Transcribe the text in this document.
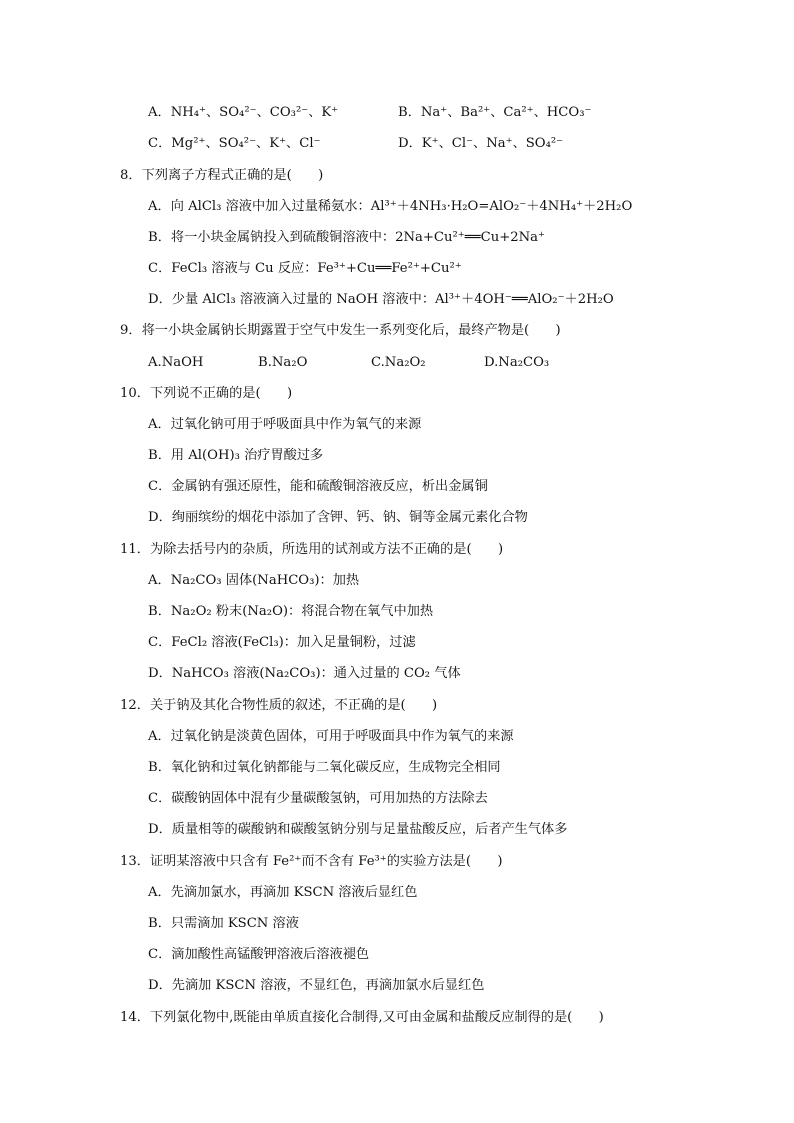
A．NH₄⁺、SO₄²⁻、CO₃²⁻、K⁺	B．Na⁺、Ba²⁺、Ca²⁺、HCO₃⁻
C．Mg²⁺、SO₄²⁻、K⁺、Cl⁻	D．K⁺、Cl⁻、Na⁺、SO₄²⁻
8．下列离子方程式正确的是(　　)
A．向 AlCl₃ 溶液中加入过量稀氨水：Al³⁺＋4NH₃·H₂O=AlO₂⁻＋4NH₄⁺＋2H₂O
B．将一小块金属钠投入到硫酸铜溶液中：2Na+Cu²⁺══Cu+2Na⁺
C．FeCl₃ 溶液与 Cu 反应：Fe³⁺+Cu══Fe²⁺+Cu²⁺
D．少量 AlCl₃ 溶液滴入过量的 NaOH 溶液中：Al³⁺＋4OH⁻══AlO₂⁻＋2H₂O
9．将一小块金属钠长期露置于空气中发生一系列变化后，最终产物是(　　)
A.NaOH	B.Na₂O	C.Na₂O₂	D.Na₂CO₃
10．下列说不正确的是(　　)
A．过氧化钠可用于呼吸面具中作为氧气的来源
B．用 Al(OH)₃ 治疗胃酸过多
C．金属钠有强还原性，能和硫酸铜溶液反应，析出金属铜
D．绚丽缤纷的烟花中添加了含钾、钙、钠、铜等金属元素化合物
11．为除去括号内的杂质，所选用的试剂或方法不正确的是(　　)
A．Na₂CO₃ 固体(NaHCO₃)：加热
B．Na₂O₂ 粉末(Na₂O)：将混合物在氧气中加热
C．FeCl₂ 溶液(FeCl₃)：加入足量铜粉，过滤
D．NaHCO₃ 溶液(Na₂CO₃)：通入过量的 CO₂ 气体
12．关于钠及其化合物性质的叙述，不正确的是(　　)
A．过氧化钠是淡黄色固体，可用于呼吸面具中作为氧气的来源
B．氧化钠和过氧化钠都能与二氧化碳反应，生成物完全相同
C．碳酸钠固体中混有少量碳酸氢钠，可用加热的方法除去
D．质量相等的碳酸钠和碳酸氢钠分别与足量盐酸反应，后者产生气体多
13．证明某溶液中只含有 Fe²⁺而不含有 Fe³⁺的实验方法是(　　)
A．先滴加氯水，再滴加 KSCN 溶液后显红色
B．只需滴加 KSCN 溶液
C．滴加酸性高锰酸钾溶液后溶液褪色
D．先滴加 KSCN 溶液，不显红色，再滴加氯水后显红色
14．下列氯化物中,既能由单质直接化合制得,又可由金属和盐酸反应制得的是(　　)
